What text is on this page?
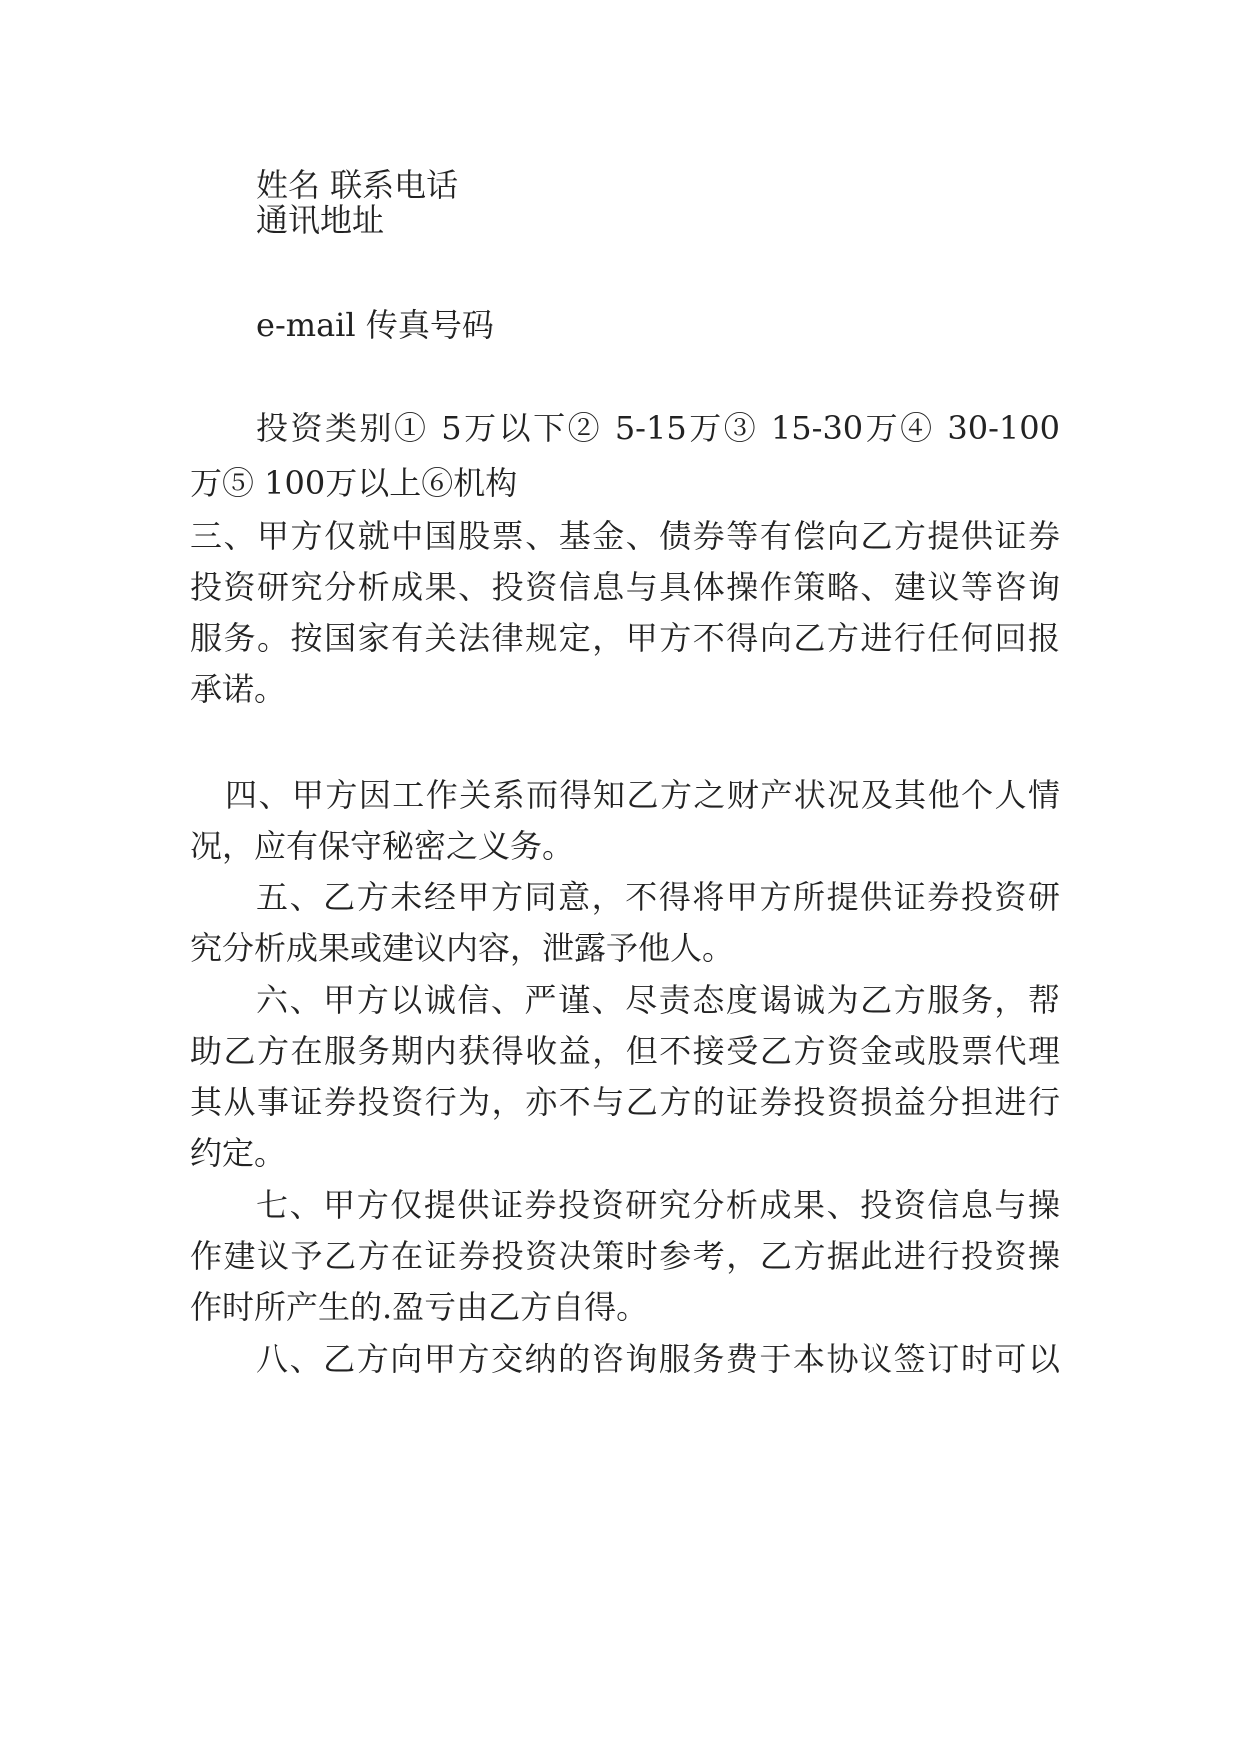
姓名 联系电话

通讯地址

e-mail 传真号码

投资类别① 5万以下② 5-15万③ 15-30万④ 30-100

万⑤ 100万以上⑥机构

三、甲方仅就中国股票、基金、债券等有偿向乙方提供证券

投资研究分析成果、投资信息与具体操作策略、建议等咨询

服务。按国家有关法律规定，甲方不得向乙方进行任何回报

承诺。

四、甲方因工作关系而得知乙方之财产状况及其他个人情

况，应有保守秘密之义务。

五、乙方未经甲方同意，不得将甲方所提供证券投资研

究分析成果或建议内容，泄露予他人。

六、甲方以诚信、严谨、尽责态度谒诚为乙方服务，帮

助乙方在服务期内获得收益，但不接受乙方资金或股票代理

其从事证券投资行为，亦不与乙方的证券投资损益分担进行

约定。

七、甲方仅提供证券投资研究分析成果、投资信息与操

作建议予乙方在证券投资决策时参考，乙方据此进行投资操

作时所产生的.盈亏由乙方自得。

八、乙方向甲方交纳的咨询服务费于本协议签订时可以
